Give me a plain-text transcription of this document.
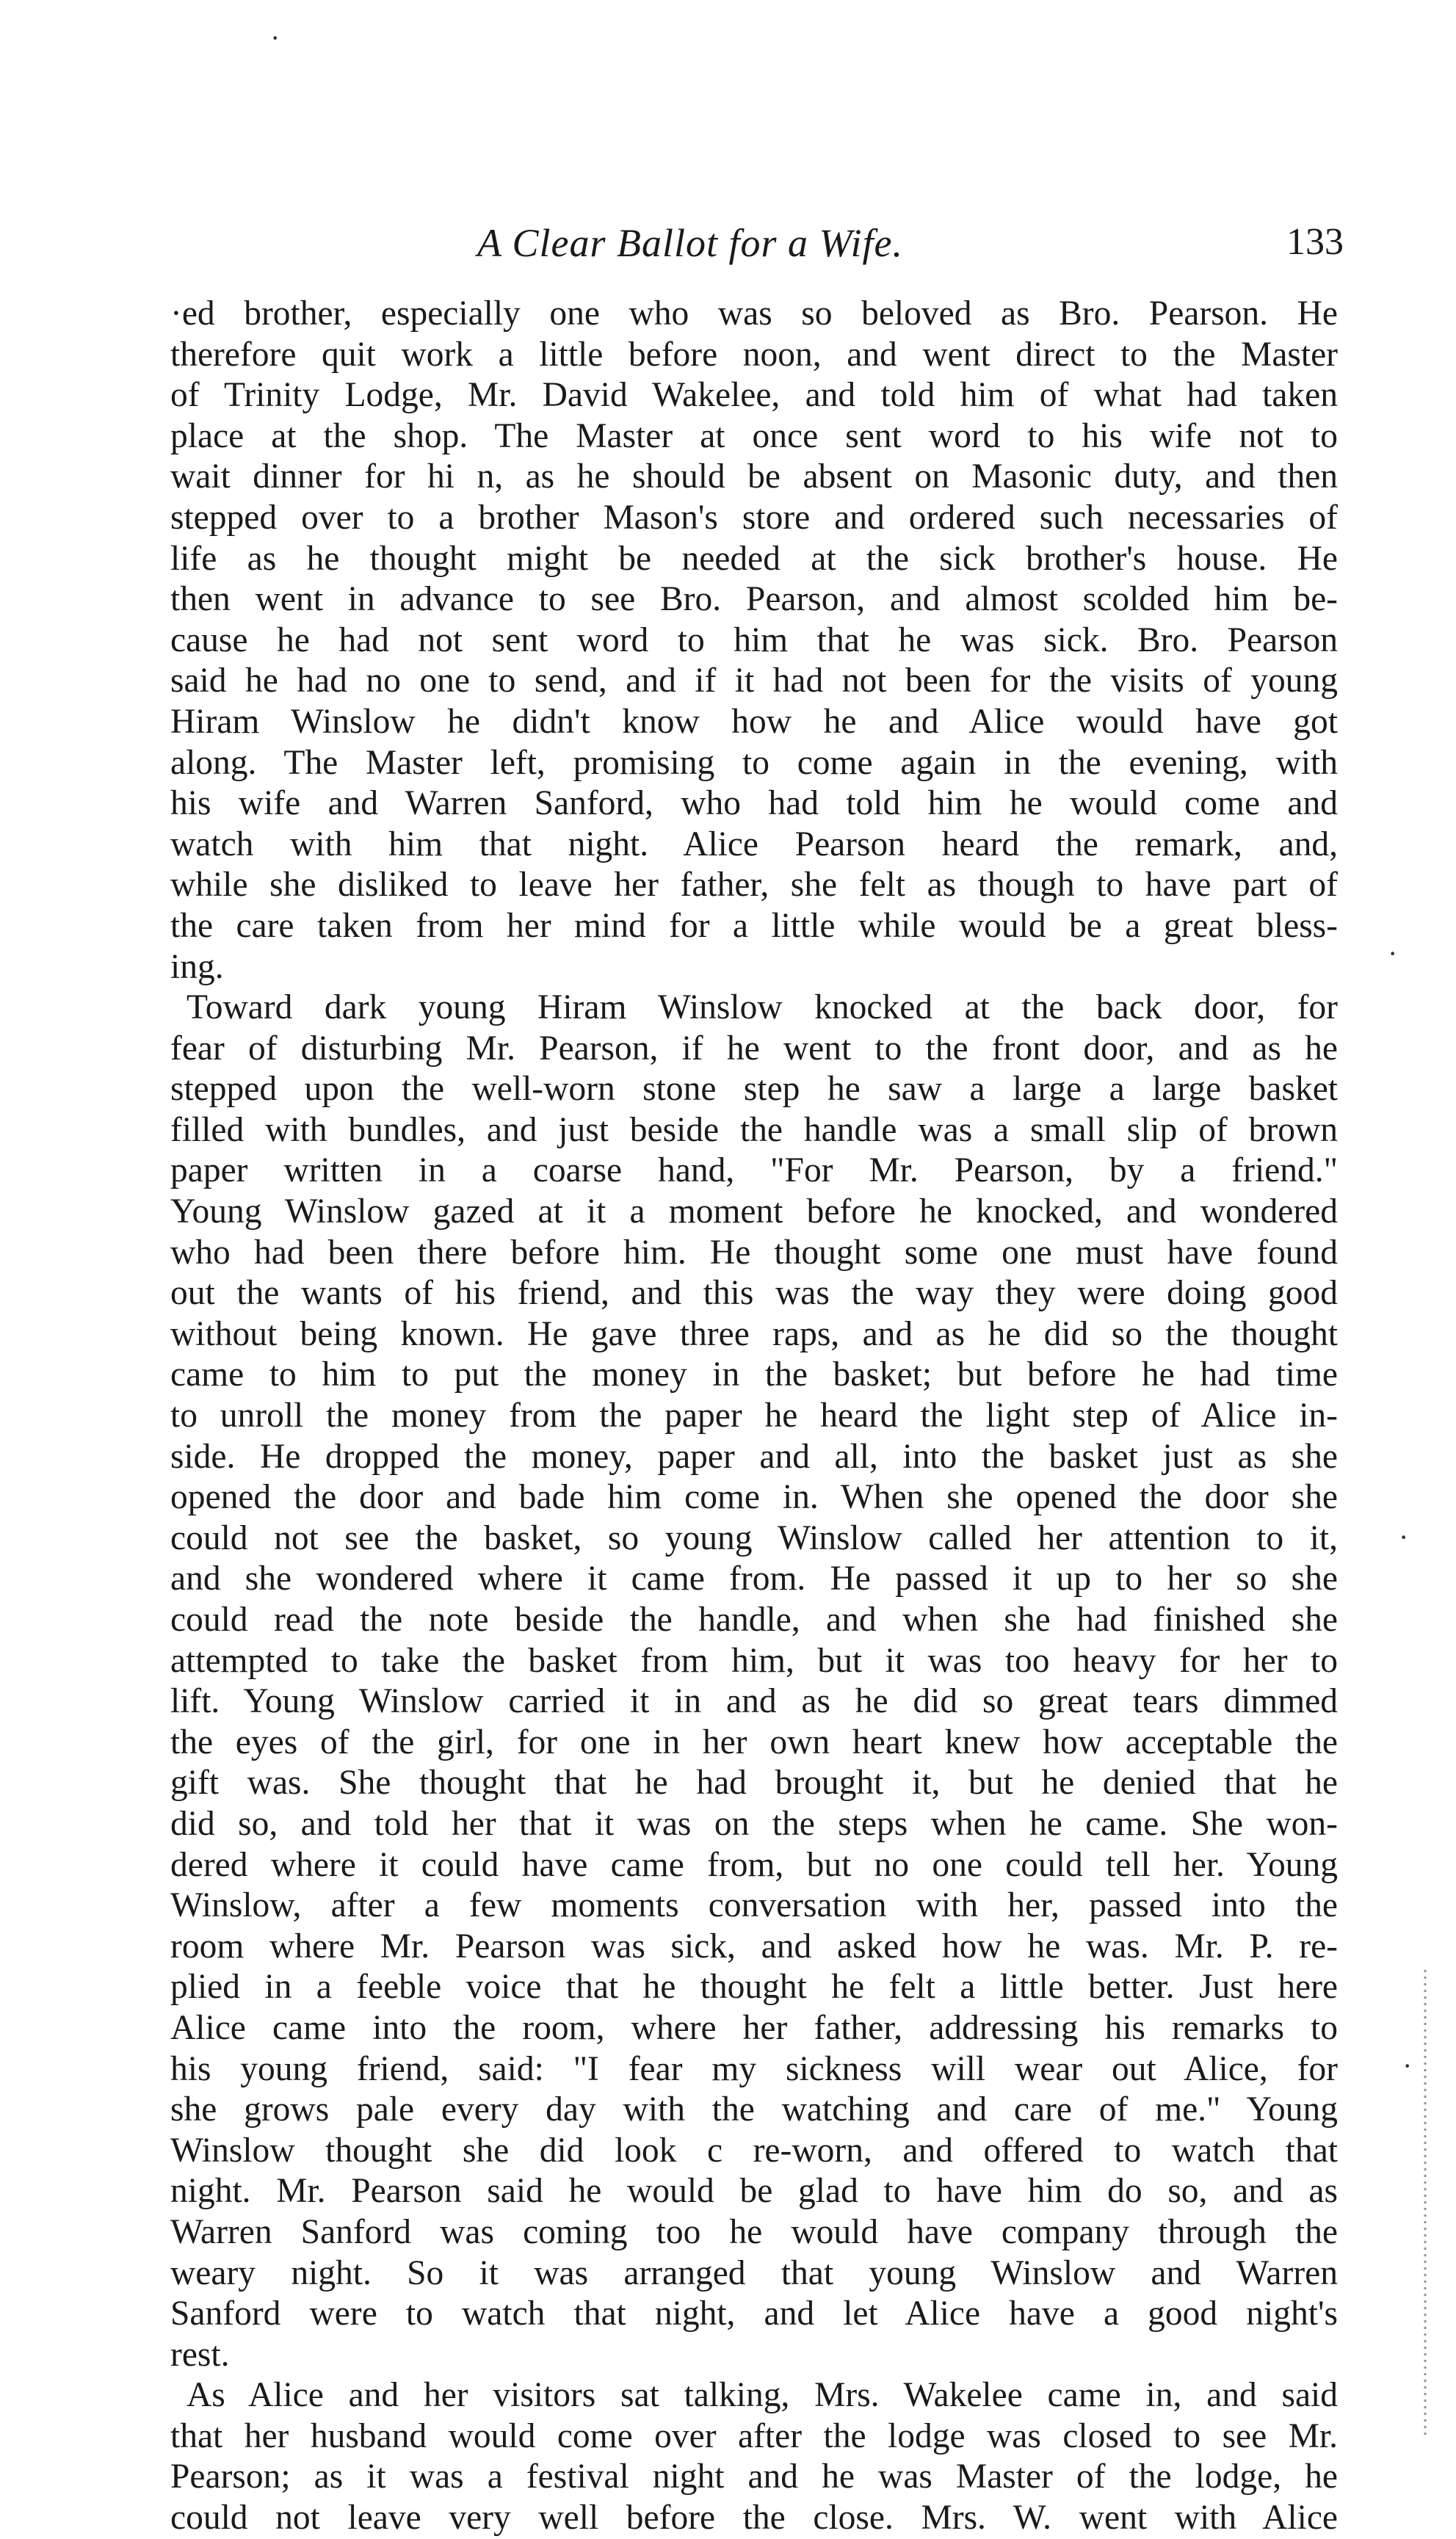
A Clear Ballot for a Wife.	133
·ed brother, especially one who was so beloved as Bro. Pearson. He
therefore quit work a little before noon, and went direct to the Master
of Trinity Lodge, Mr. David Wakelee, and told him of what had taken
place at the shop. The Master at once sent word to his wife not to
wait dinner for hi n, as he should be absent on Masonic duty, and then
stepped over to a brother Mason's store and ordered such necessaries of
life as he thought might be needed at the sick brother's house. He
then went in advance to see Bro. Pearson, and almost scolded him be-
cause he had not sent word to him that he was sick. Bro. Pearson
said he had no one to send, and if it had not been for the visits of young
Hiram Winslow he didn't know how he and Alice would have got
along. The Master left, promising to come again in the evening, with
his wife and Warren Sanford, who had told him he would come and
watch with him that night. Alice Pearson heard the remark, and,
while she disliked to leave her father, she felt as though to have part of
the care taken from her mind for a little while would be a great bless-
ing.
Toward dark young Hiram Winslow knocked at the back door, for
fear of disturbing Mr. Pearson, if he went to the front door, and as he
stepped upon the well-worn stone step he saw a large a large basket
filled with bundles, and just beside the handle was a small slip of brown
paper written in a coarse hand, "For Mr. Pearson, by a friend."
Young Winslow gazed at it a moment before he knocked, and wondered
who had been there before him. He thought some one must have found
out the wants of his friend, and this was the way they were doing good
without being known. He gave three raps, and as he did so the thought
came to him to put the money in the basket; but before he had time
to unroll the money from the paper he heard the light step of Alice in-
side. He dropped the money, paper and all, into the basket just as she
opened the door and bade him come in. When she opened the door she
could not see the basket, so young Winslow called her attention to it,
and she wondered where it came from. He passed it up to her so she
could read the note beside the handle, and when she had finished she
attempted to take the basket from him, but it was too heavy for her to
lift. Young Winslow carried it in and as he did so great tears dimmed
the eyes of the girl, for one in her own heart knew how acceptable the
gift was. She thought that he had brought it, but he denied that he
did so, and told her that it was on the steps when he came. She won-
dered where it could have came from, but no one could tell her. Young
Winslow, after a few moments conversation with her, passed into the
room where Mr. Pearson was sick, and asked how he was. Mr. P. re-
plied in a feeble voice that he thought he felt a little better. Just here
Alice came into the room, where her father, addressing his remarks to
his young friend, said: "I fear my sickness will wear out Alice, for
she grows pale every day with the watching and care of me." Young
Winslow thought she did look c re-worn, and offered to watch that
night. Mr. Pearson said he would be glad to have him do so, and as
Warren Sanford was coming too he would have company through the
weary night. So it was arranged that young Winslow and Warren
Sanford were to watch that night, and let Alice have a good night's
rest.
As Alice and her visitors sat talking, Mrs. Wakelee came in, and said
that her husband would come over after the lodge was closed to see Mr.
Pearson; as it was a festival night and he was Master of the lodge, he
could not leave very well before the close. Mrs. W. went with Alice
·
·
·
·
